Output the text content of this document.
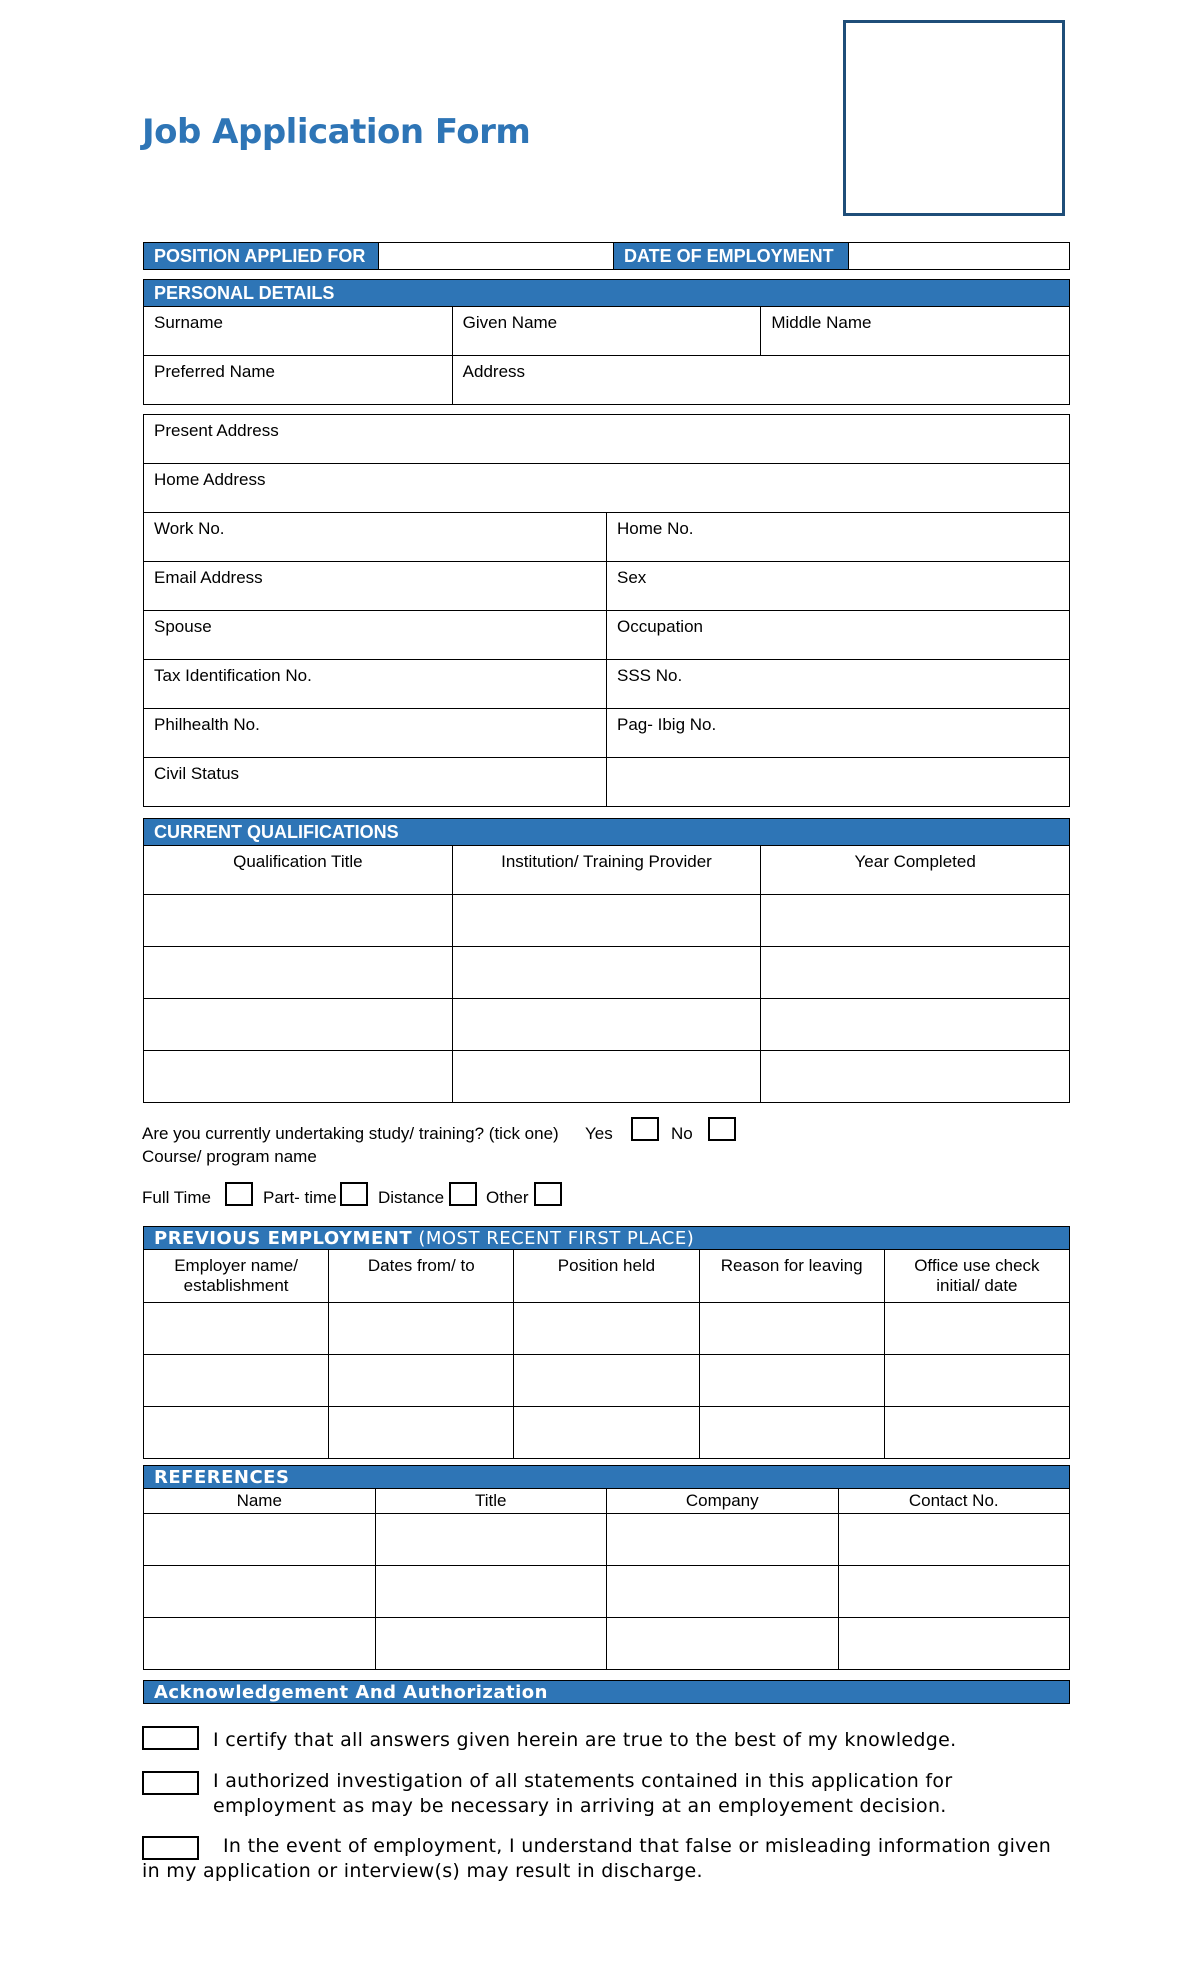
Job Application Form
POSITION APPLIED FOR		DATE OF EMPLOYMENT	
PERSONAL DETAILS		
Surname	Given Name	Middle Name
Preferred Name	Address	
Present Address	
Home Address	
Work No.	Home No.
Email Address	Sex
Spouse	Occupation
Tax Identification No.	SSS No.
Philhealth No.	Pag- Ibig No.
Civil Status	
CURRENT QUALIFICATIONS		
Qualification Title	Institution/ Training Provider	Year Completed

Are you currently undertaking study/ training? (tick one) Yes	No
Course/ program name
Full Time	Part- time Distance Other
PREVIOUS EMPLOYMENT (MOST RECENT FIRST PLACE)				
Employer name/ establishment	Dates from/ to	Position held	Reason for leaving	Office use check initial/ date

REFERENCES			
Name	Title	Company	Contact No.

Acknowledgement And Authorization
I certify that all answers given herein are true to the best of my knowledge.
I authorized investigation of all statements contained in this application for
employment as may be necessary in arriving at an employement decision.
In the event of employment, I understand that false or misleading information given
in my application or interview(s) may result in discharge.
